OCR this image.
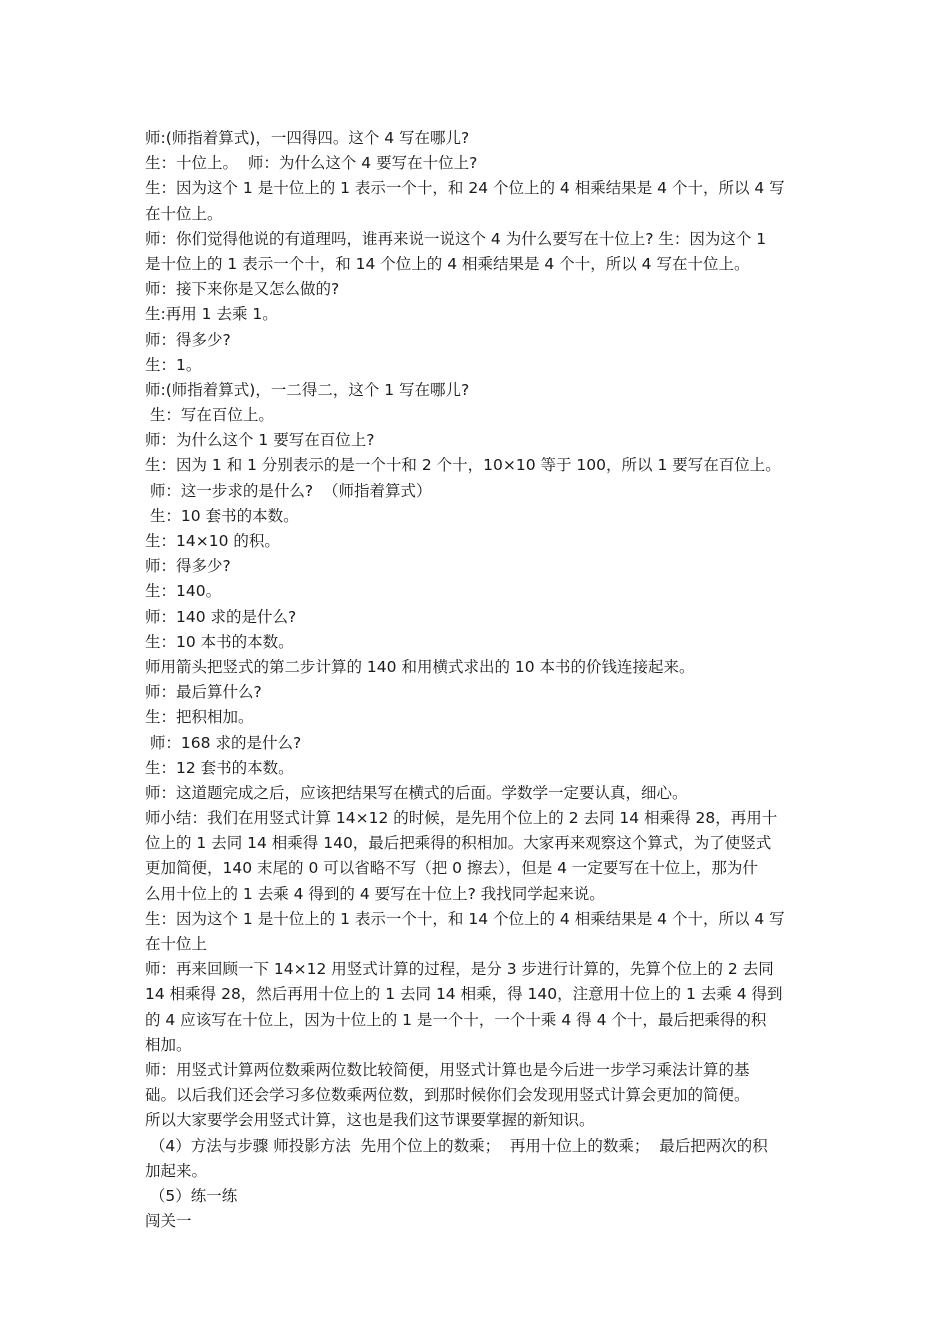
师:(师指着算式)，一四得四。这个 4 写在哪儿?
生：十位上。  师：为什么这个 4 要写在十位上?
生：因为这个 1 是十位上的 1 表示一个十，和 24 个位上的 4 相乘结果是 4 个十，所以 4 写
在十位上。
师：你们觉得他说的有道理吗，谁再来说一说这个 4 为什么要写在十位上? 生：因为这个 1
是十位上的 1 表示一个十，和 14 个位上的 4 相乘结果是 4 个十，所以 4 写在十位上。
师：接下来你是又怎么做的?
生:再用 1 去乘 1。
师：得多少?
生：1。
师:(师指着算式)，一二得二，这个 1 写在哪儿?
生：写在百位上。
师：为什么这个 1 要写在百位上?
生：因为 1 和 1 分别表示的是一个十和 2 个十，10×10 等于 100，所以 1 要写在百位上。
师：这一步求的是什么?  （师指着算式）
生：10 套书的本数。
生：14×10 的积。
师：得多少?
生：140。
师：140 求的是什么?
生：10 本书的本数。
师用箭头把竖式的第二步计算的 140 和用横式求出的 10 本书的价钱连接起来。
师：最后算什么?
生：把积相加。
师：168 求的是什么?
生：12 套书的本数。
师：这道题完成之后，应该把结果写在横式的后面。学数学一定要认真，细心。
师小结：我们在用竖式计算 14×12 的时候，是先用个位上的 2 去同 14 相乘得 28，再用十
位上的 1 去同 14 相乘得 140，最后把乘得的积相加。大家再来观察这个算式，为了使竖式
更加简便，140 末尾的 0 可以省略不写（把 0 擦去），但是 4 一定要写在十位上，那为什
么用十位上的 1 去乘 4 得到的 4 要写在十位上? 我找同学起来说。
生：因为这个 1 是十位上的 1 表示一个十，和 14 个位上的 4 相乘结果是 4 个十，所以 4 写
在十位上
师：再来回顾一下 14×12 用竖式计算的过程，是分 3 步进行计算的，先算个位上的 2 去同
14 相乘得 28，然后再用十位上的 1 去同 14 相乘，得 140，注意用十位上的 1 去乘 4 得到
的 4 应该写在十位上，因为十位上的 1 是一个十，一个十乘 4 得 4 个十，最后把乘得的积
相加。
师：用竖式计算两位数乘两位数比较简便，用竖式计算也是今后进一步学习乘法计算的基
础。以后我们还会学习多位数乘两位数，到那时候你们会发现用竖式计算会更加的简便。
所以大家要学会用竖式计算，这也是我们这节课要掌握的新知识。
（4）方法与步骤 师投影方法  先用个位上的数乘；  再用十位上的数乘；  最后把两次的积
加起来。
（5）练一练
闯关一
